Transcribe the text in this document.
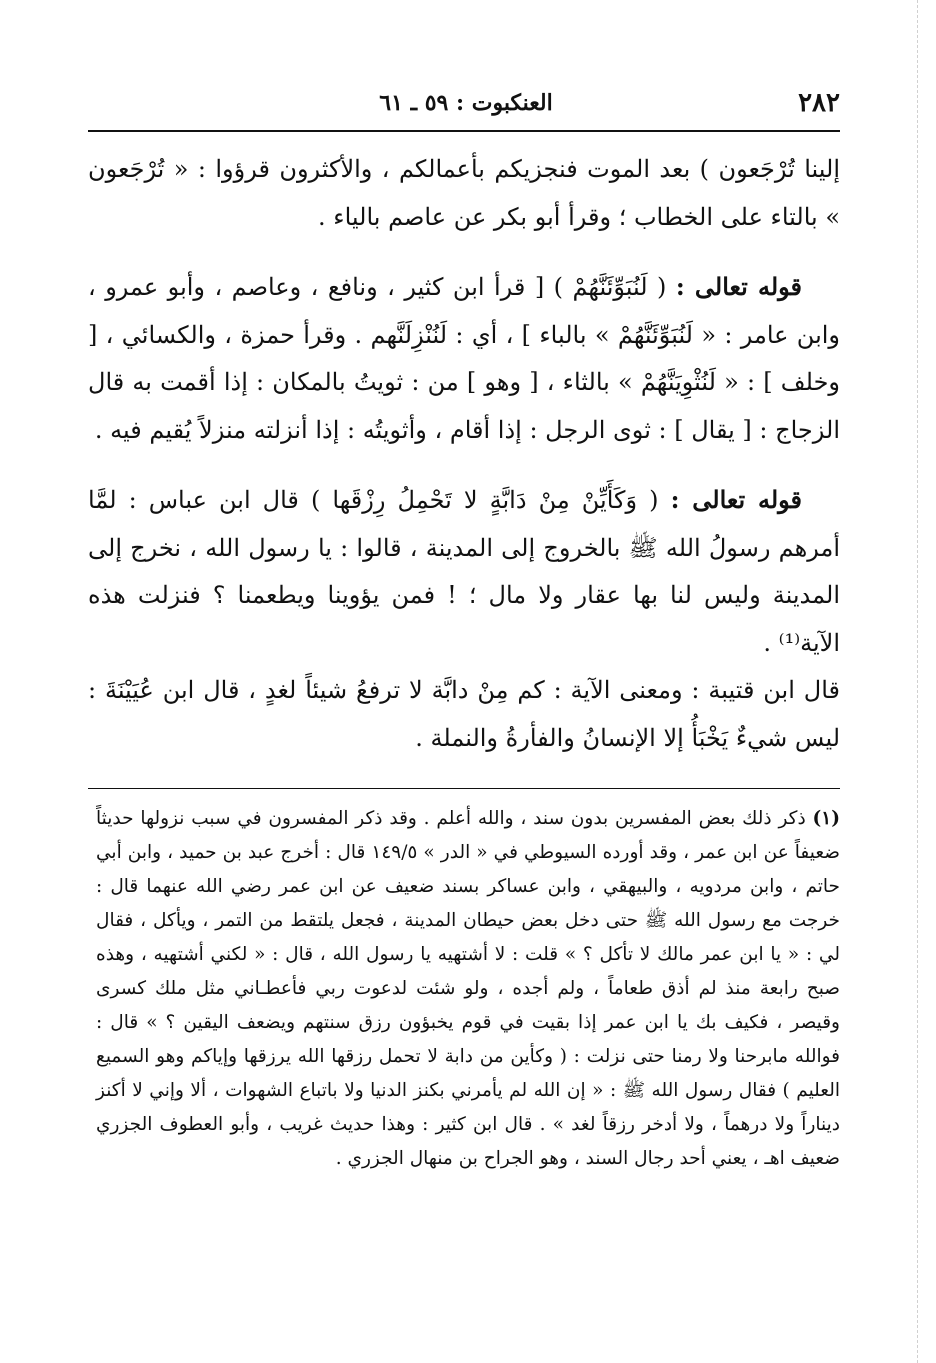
٢٨٢
العنكبوت : ٥٩ ـ ٦١

إلينا تُرْجَعون ) بعد الموت فنجزيكم بأعمالكم ، والأكثرون قرؤوا : « تُرْجَعون » بالتاء على الخطاب ؛ وقرأ أبو بكر عن عاصم بالياء .

قوله تعالى : ( لَنُبَوِّئَنَّهُمْ ) [ قرأ ابن كثير ، ونافع ، وعاصم ، وأبو عمرو ، وابن عامر : « لَنُبَوِّئَنَّهُمْ » بالباء ] ، أي : لَنُنْزِلَنَّهم . وقرأ حمزة ، والكسائي ، [ وخلف ] : « لَنُثْوِيَنَّهُمْ » بالثاء ، [ وهو ] من : ثويتُ بالمكان : إذا أقمت به قال الزجاج : [ يقال ] : ثوى الرجل : إذا أقام ، وأثويتُه : إذا أنزلته منزلاً يُقيم فيه .

قوله تعالى : ( وَكَأَيِّنْ مِنْ دَابَّةٍ لا تَحْمِلُ رِزْقَها ) قال ابن عباس : لمَّا أمرهم رسولُ الله ﷺ بالخروج إلى المدينة ، قالوا : يا رسول الله ، نخرج إلى المدينة وليس لنا بها عقار ولا مال ؛ ! فمن يؤوينا ويطعمنا ؟ فنزلت هذه الآية⁽¹⁾ .

قال ابن قتيبة : ومعنى الآية : كم مِنْ دابَّة لا ترفعُ شيئاً لغدٍ ، قال ابن عُيَيْنَةَ : ليس شيءٌ يَخْبَأُ إلا الإنسانُ والفأرةُ والنملة .

(١) ذكر ذلك بعض المفسرين بدون سند ، والله أعلم . وقد ذكر المفسرون في سبب نزولها حديثاً ضعيفاً عن ابن عمر ، وقد أورده السيوطي في « الدر » ١٤٩/٥ قال : أخرج عبد بن حميد ، وابن أبي حاتم ، وابن مردويه ، والبيهقي ، وابن عساكر بسند ضعيف عن ابن عمر رضي الله عنهما قال : خرجت مع رسول الله ﷺ حتى دخل بعض حيطان المدينة ، فجعل يلتقط من التمر ، ويأكل ، فقال لي : « يا ابن عمر مالك لا تأكل ؟ » قلت : لا أشتهيه يا رسول الله ، قال : « لكني أشتهيه ، وهذه صبح رابعة منذ لم أذق طعاماً ، ولم أجده ، ولو شئت لدعوت ربي فأعطـاني مثل ملك كسرى وقيصر ، فكيف بك يا ابن عمر إذا بقيت في قوم يخبؤون رزق سنتهم ويضعف اليقين ؟ » قال : فوالله مابرحنا ولا رمنا حتى نزلت : ( وكأين من دابة لا تحمل رزقها الله يرزقها وإياكم وهو السميع العليم ) فقال رسول الله ﷺ : « إن الله لم يأمرني بكنز الدنيا ولا باتباع الشهوات ، ألا وإني لا أكنز ديناراً ولا درهماً ، ولا أدخر رزقاً لغد » . قال ابن كثير : وهذا حديث غريب ، وأبو العطوف الجزري ضعيف اهـ ، يعني أحد رجال السند ، وهو الجراح بن منهال الجزري .
